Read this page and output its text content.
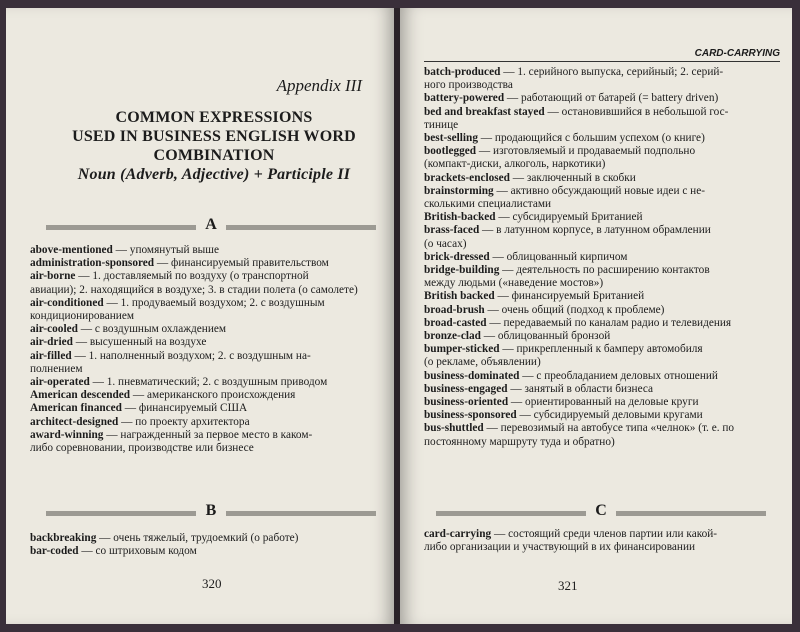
Appendix III
COMMON EXPRESSIONS
USED IN BUSINESS ENGLISH WORD
COMBINATION
Noun (Adverb, Adjective) + Participle II
A
above-mentioned — упомянутый выше
administration-sponsored — финансируемый правительством
air-borne — 1. доставляемый по воздуху (о транспортной
авиации); 2. находящийся в воздухе; 3. в стадии полета (о самолете)
air-conditioned — 1. продуваемый воздухом; 2. с воздушным
кондиционированием
air-cooled — с воздушным охлаждением
air-dried — высушенный на воздухе
air-filled — 1. наполненный воздухом; 2. с воздушным на-
полнением
air-operated — 1. пневматический; 2. с воздушным приводом
American descended — американского происхождения
American financed — финансируемый США
architect-designed — по проекту архитектора
award-winning — награжденный за первое место в каком-
либо соревновании, производстве или бизнесе
B
backbreaking — очень тяжелый, трудоемкий (о работе)
bar-coded — со штриховым кодом
320
CARD-CARRYING
batch-produced — 1. серийного выпуска, серийный; 2. серий-
ного производства
battery-powered — работающий от батарей (= battery driven)
bed and breakfast stayed — остановившийся в небольшой гос-
тинице
best-selling — продающийся с большим успехом (о книге)
bootlegged — изготовляемый и продаваемый подпольно
(компакт-диски, алкоголь, наркотики)
brackets-enclosed — заключенный в скобки
brainstorming — активно обсуждающий новые идеи с не-
сколькими специалистами
British-backed — субсидируемый Британией
brass-faced — в латунном корпусе, в латунном обрамлении
(о часах)
brick-dressed — облицованный кирпичом
bridge-building — деятельность по расширению контактов
между людьми («наведение мостов»)
British backed — финансируемый Британией
broad-brush — очень общий (подход к проблеме)
broad-casted — передаваемый по каналам радио и телевидения
bronze-clad — облицованный бронзой
bumper-sticked — прикрепленный к бамперу автомобиля
(о рекламе, объявлении)
business-dominated — с преобладанием деловых отношений
business-engaged — занятый в области бизнеса
business-oriented — ориентированный на деловые круги
business-sponsored — субсидируемый деловыми кругами
bus-shuttled — перевозимый на автобусе типа «челнок» (т. е. по
постоянному маршруту туда и обратно)
C
card-carrying — состоящий среди членов партии или какой-
либо организации и участвующий в их финансировании
321
